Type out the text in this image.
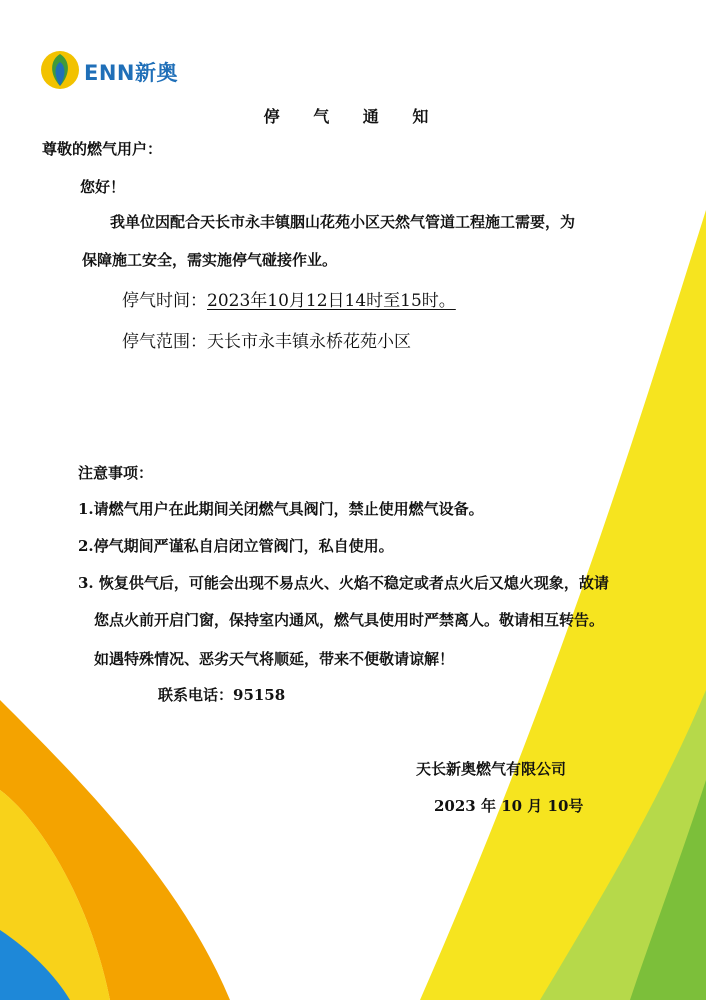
ENN新奥
停 气 通 知
尊敬的燃气用户：
您好！
我单位因配合天长市永丰镇胭山花苑小区天然气管道工程施工需要，为
保障施工安全，需实施停气碰接作业。
停气时间：2023年10月12日14时至15时。
停气范围：天长市永丰镇永桥花苑小区
注意事项：
1.请燃气用户在此期间关闭燃气具阀门，禁止使用燃气设备。
2.停气期间严谨私自启闭立管阀门，私自使用。
3. 恢复供气后，可能会出现不易点火、火焰不稳定或者点火后又熄火现象，故请
您点火前开启门窗，保持室内通风，燃气具使用时严禁离人。敬请相互转告。
如遇特殊情况、恶劣天气将顺延，带来不便敬请谅解！
联系电话：95158
天长新奥燃气有限公司
2023 年 10 月 10号
